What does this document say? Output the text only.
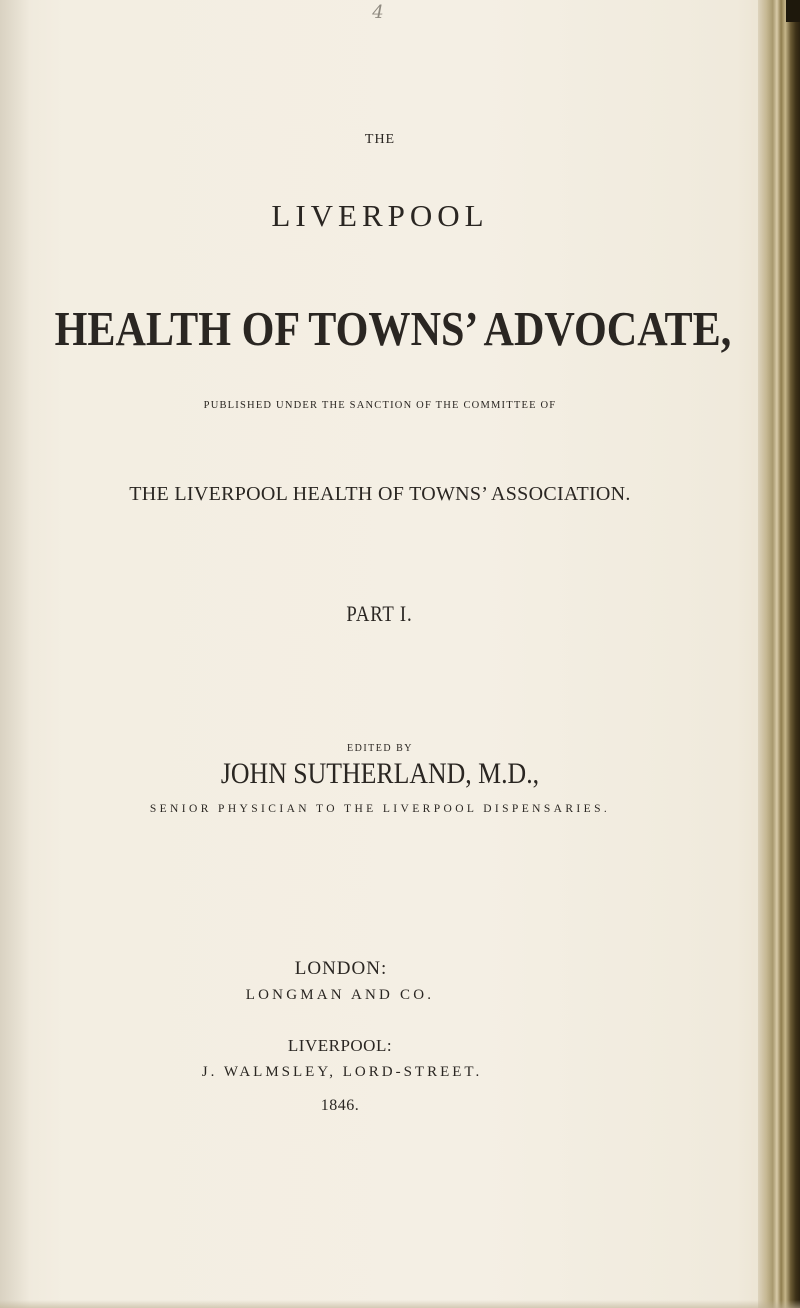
4

THE

LIVERPOOL

HEALTH OF TOWNS’ ADVOCATE,

PUBLISHED UNDER THE SANCTION OF THE COMMITTEE OF

THE LIVERPOOL HEALTH OF TOWNS’ ASSOCIATION.

PART I.

EDITED BY

JOHN SUTHERLAND, M.D.,

SENIOR PHYSICIAN TO THE LIVERPOOL DISPENSARIES.

LONDON:

LONGMAN AND CO.

LIVERPOOL:

J. WALMSLEY, LORD-STREET.

1846.
